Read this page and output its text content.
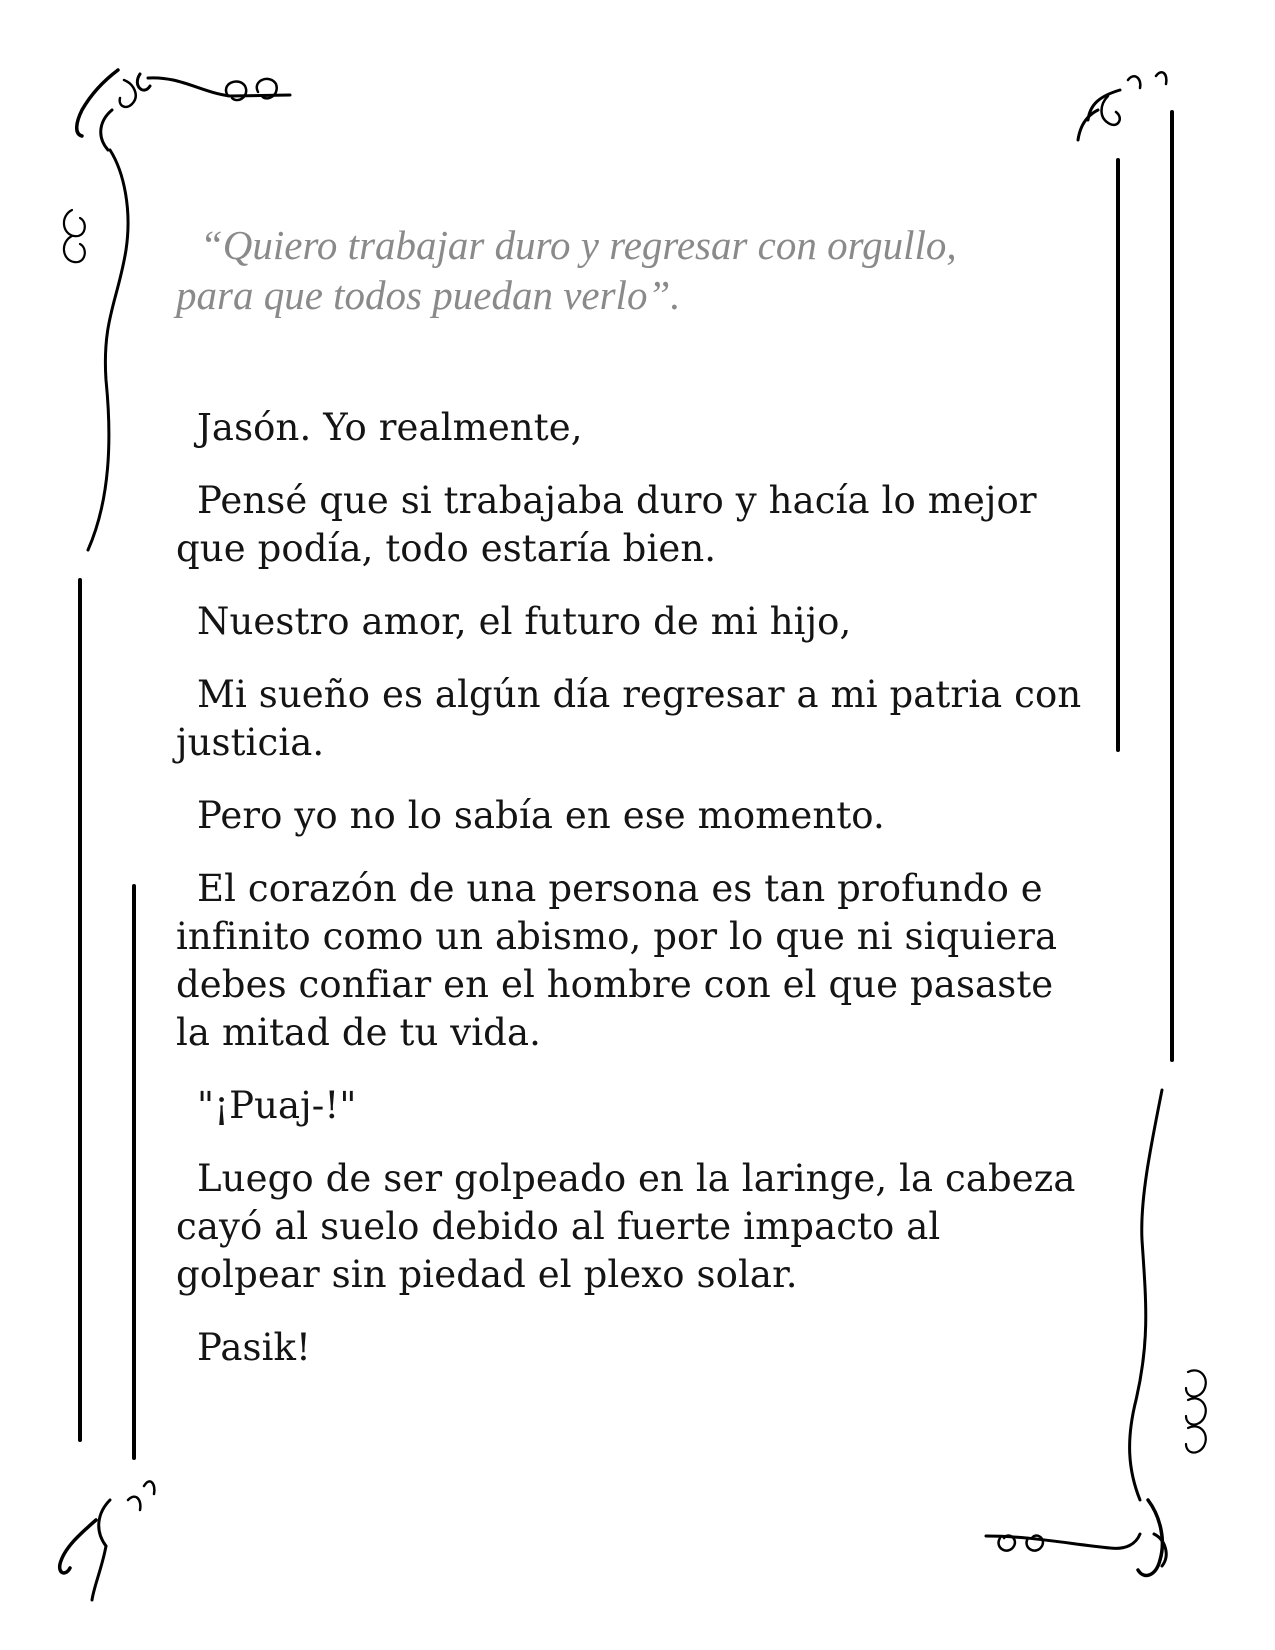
“Quiero trabajar duro y regresar con orgullo,
para que todos puedan verlo”.

Jasón. Yo realmente,

Pensé que si trabajaba duro y hacía lo mejor que podía, todo estaría bien.

Nuestro amor, el futuro de mi hijo,

Mi sueño es algún día regresar a mi patria con justicia.

Pero yo no lo sabía en ese momento.

El corazón de una persona es tan profundo e infinito como un abismo, por lo que ni siquiera debes confiar en el hombre con el que pasaste la mitad de tu vida.

"¡Puaj-!"

Luego de ser golpeado en la laringe, la cabeza cayó al suelo debido al fuerte impacto al golpear sin piedad el plexo solar.

Pasik!
